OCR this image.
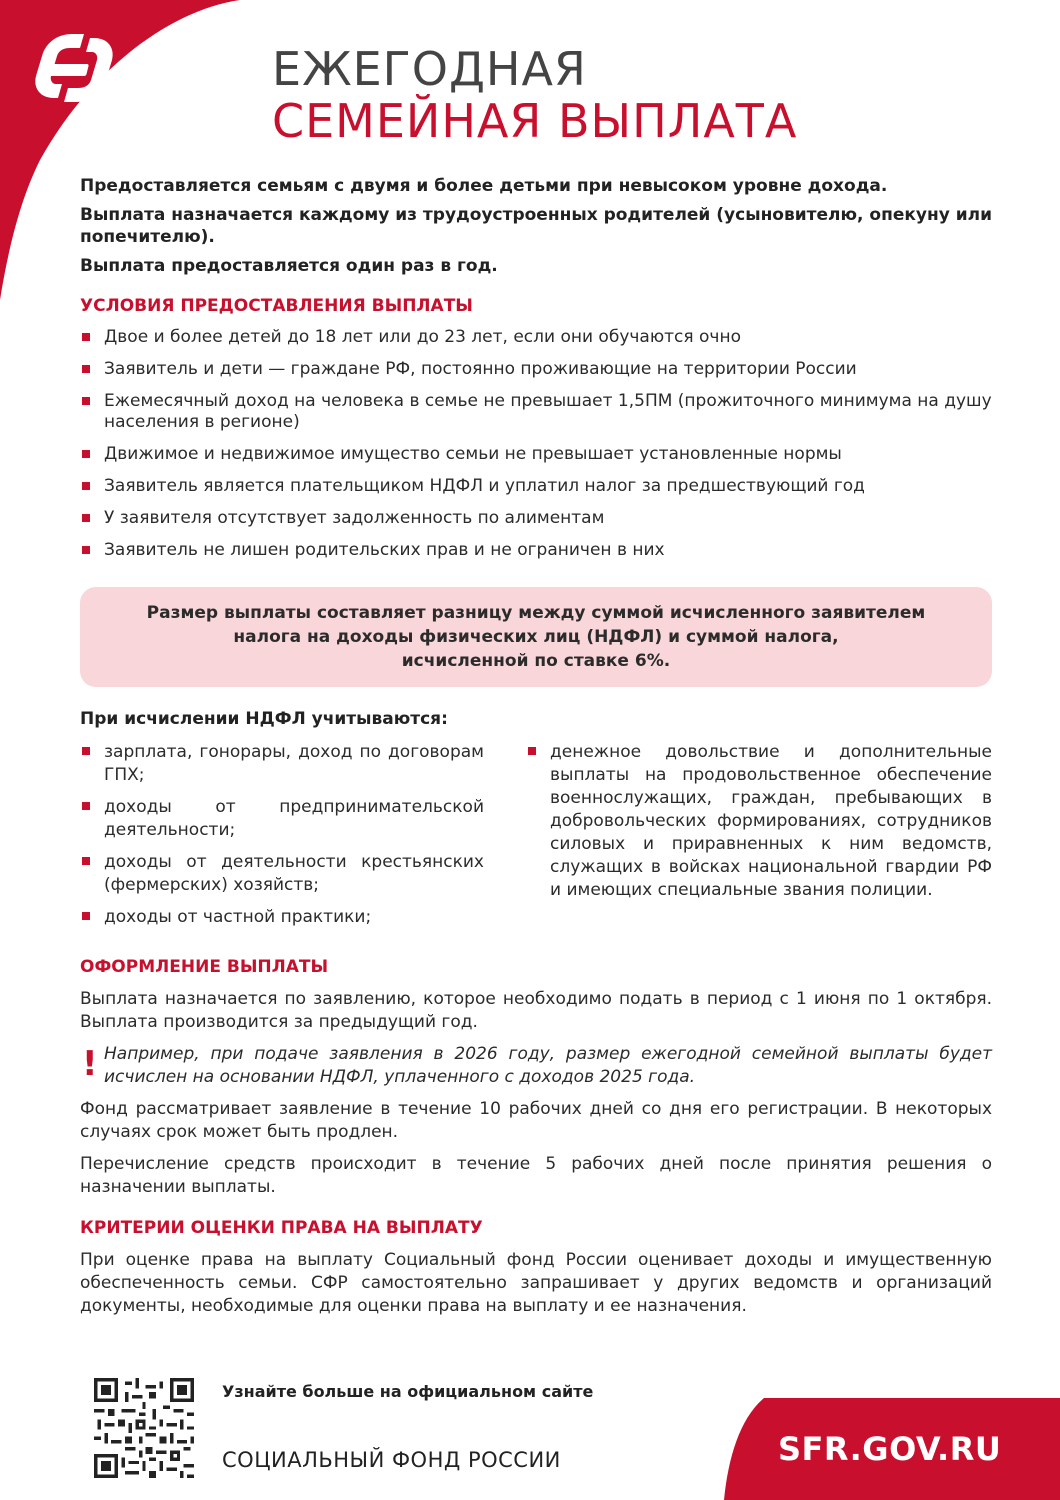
ЕЖЕГОДНАЯ
СЕМЕЙНАЯ ВЫПЛАТА

Предоставляется семьям с двумя и более детьми при невысоком уровне дохода.

Выплата назначается каждому из трудоустроенных родителей (усыновителю, опекуну или попечителю).

Выплата предоставляется один раз в год.

УСЛОВИЯ ПРЕДОСТАВЛЕНИЯ ВЫПЛАТЫ
Двое и более детей до 18 лет или до 23 лет, если они обучаются очно
Заявитель и дети — граждане РФ, постоянно проживающие на территории России
Ежемесячный доход на человека в семье не превышает 1,5ПМ (прожиточного минимума на душу населения в регионе)
Движимое и недвижимое имущество семьи не превышает установленные нормы
Заявитель является плательщиком НДФЛ и уплатил налог за предшествующий год
У заявителя отсутствует задолженность по алиментам
Заявитель не лишен родительских прав и не ограничен в них
Размер выплаты составляет разницу между суммой исчисленного заявителем
налога на доходы физических лиц (НДФЛ) и суммой налога,
исчисленной по ставке 6%.
При исчислении НДФЛ учитываются:
зарплата, гонорары, доход по договорам ГПХ;
доходы от предпринимательской деятельности;
доходы от деятельности крестьянских (фермерских) хозяйств;
доходы от частной практики;
денежное довольствие и дополнительные выплаты на продовольственное обеспечение военнослужащих, граждан, пребывающих в добровольческих формированиях, сотрудников силовых и приравненных к ним ведомств, служащих в войсках национальной гвардии РФ и имеющих специальные звания полиции.
ОФОРМЛЕНИЕ ВЫПЛАТЫ

Выплата назначается по заявлению, которое необходимо подать в период с 1 июня по 1 октября. Выплата производится за предыдущий год.

! Например, при подаче заявления в 2026 году, размер ежегодной семейной выплаты будет исчислен на основании НДФЛ, уплаченного с доходов 2025 года.

Фонд рассматривает заявление в течение 10 рабочих дней со дня его регистрации. В некоторых случаях срок может быть продлен.

Перечисление средств происходит в течение 5 рабочих дней после принятия решения о назначении выплаты.

КРИТЕРИИ ОЦЕНКИ ПРАВА НА ВЫПЛАТУ

При оценке права на выплату Социальный фонд России оценивает доходы и имущественную обеспеченность семьи. СФР самостоятельно запрашивает у других ведомств и организаций документы, необходимые для оценки права на выплату и ее назначения.

Узнайте больше на официальном сайте
СОЦИАЛЬНЫЙ ФОНД РОССИИ	SFR.GOV.RU
